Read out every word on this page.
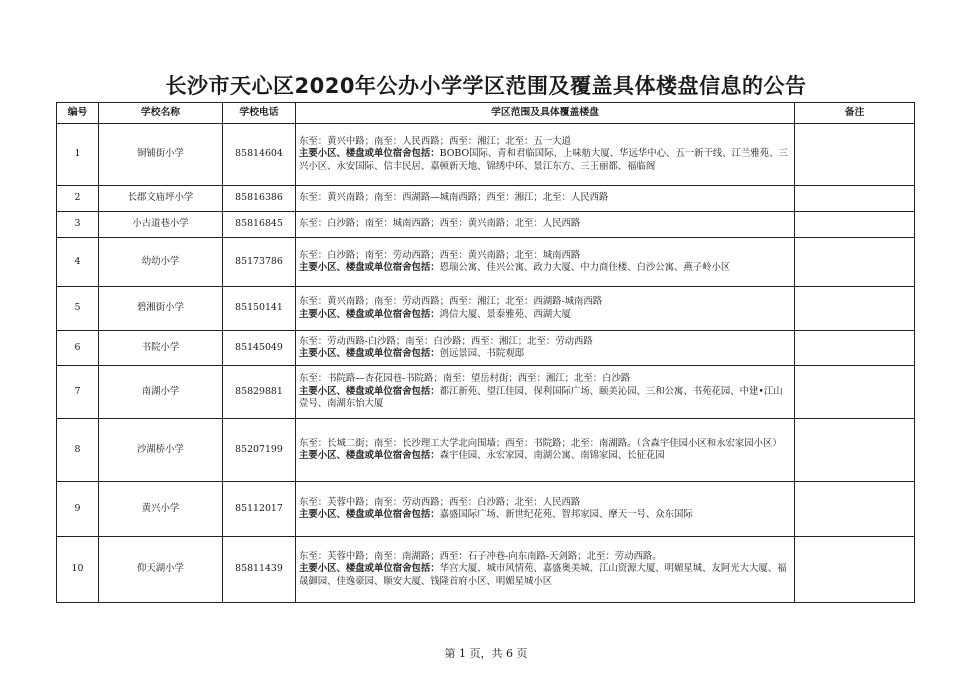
长沙市天心区2020年公办小学学区范围及覆盖具体楼盘信息的公告
编号	学校名称	学校电话	学区范围及具体覆盖楼盘	备注
1	铜铺街小学	85814604	东至：黄兴中路；南至：人民西路；西至：湘江；北至：五一大道
主要小区、楼盘或单位宿舍包括：BOBO国际、青和君临国际、上味舫大厦、华远华中心、五一新干线、江兰雅苑、三兴小区、永安国际、信丰民居、嘉顿新天地、锦绣中环、景江东方、三王丽都、福临阁	
2	长郡文庙坪小学	85816386	东至：黄兴南路；南至：西湖路—城南西路；西至：湘江；北至：人民西路	
3	小古道巷小学	85816845	东至：白沙路；南至：城南西路；西至：黄兴南路；北至：人民西路	
4	幼幼小学	85173786	东至：白沙路；南至：劳动西路；西至：黄兴南路；北至：城南西路
主要小区、楼盘或单位宿舍包括：恩瑞公寓、佳兴公寓、政力大厦、中力商住楼、白沙公寓、燕子岭小区	
5	碧湘街小学	85150141	东至：黄兴南路；南至：劳动西路；西至：湘江；北至：西湖路-城南西路
主要小区、楼盘或单位宿舍包括：鸿信大厦、景泰雅苑、西湖大厦	
6	书院小学	85145049	东至：劳动西路-白沙路；南至：白沙路；西至：湘江；北至：劳动西路
主要小区、楼盘或单位宿舍包括：创远景园、书院观邸	
7	南湖小学	85829881	东至：书院路—杏花园巷-书院路；南至：望岳村街；西至：湘江；北至：白沙路
主要小区、楼盘或单位宿舍包括：都江新苑、望江佳园、保利国际广场、颐美沁园、三和公寓、书苑花园、中建•江山壹号、南湖东怡大厦	
8	沙湖桥小学	85207199	东至：长城二街；南至：长沙理工大学北向围墙；西至：书院路；北至：南湖路。（含森宇佳园小区和永宏家园小区）
主要小区、楼盘或单位宿舍包括：森宇佳园、永宏家园、南湖公寓、南锦家园、长征花园	
9	黄兴小学	85112017	东至：芙蓉中路；南至：劳动西路；西至：白沙路；北至：人民西路
主要小区、楼盘或单位宿舍包括：嘉盛国际广场、新世纪花苑、智邦家园、摩天一号、众东国际	
10	仰天湖小学	85811439	东至：芙蓉中路；南至：南湖路；西至：石子冲巷-向东南路-天剑路；北至：劳动西路。
主要小区、楼盘或单位宿舍包括：华宫大厦、城市风情苑、嘉盛奥美城、江山资源大厦、明媚星城、友阿光大大厦、福晟御园、佳逸豪园、顺安大厦、钱隆首府小区、明媚星城小区	
第 1 页，共 6 页
